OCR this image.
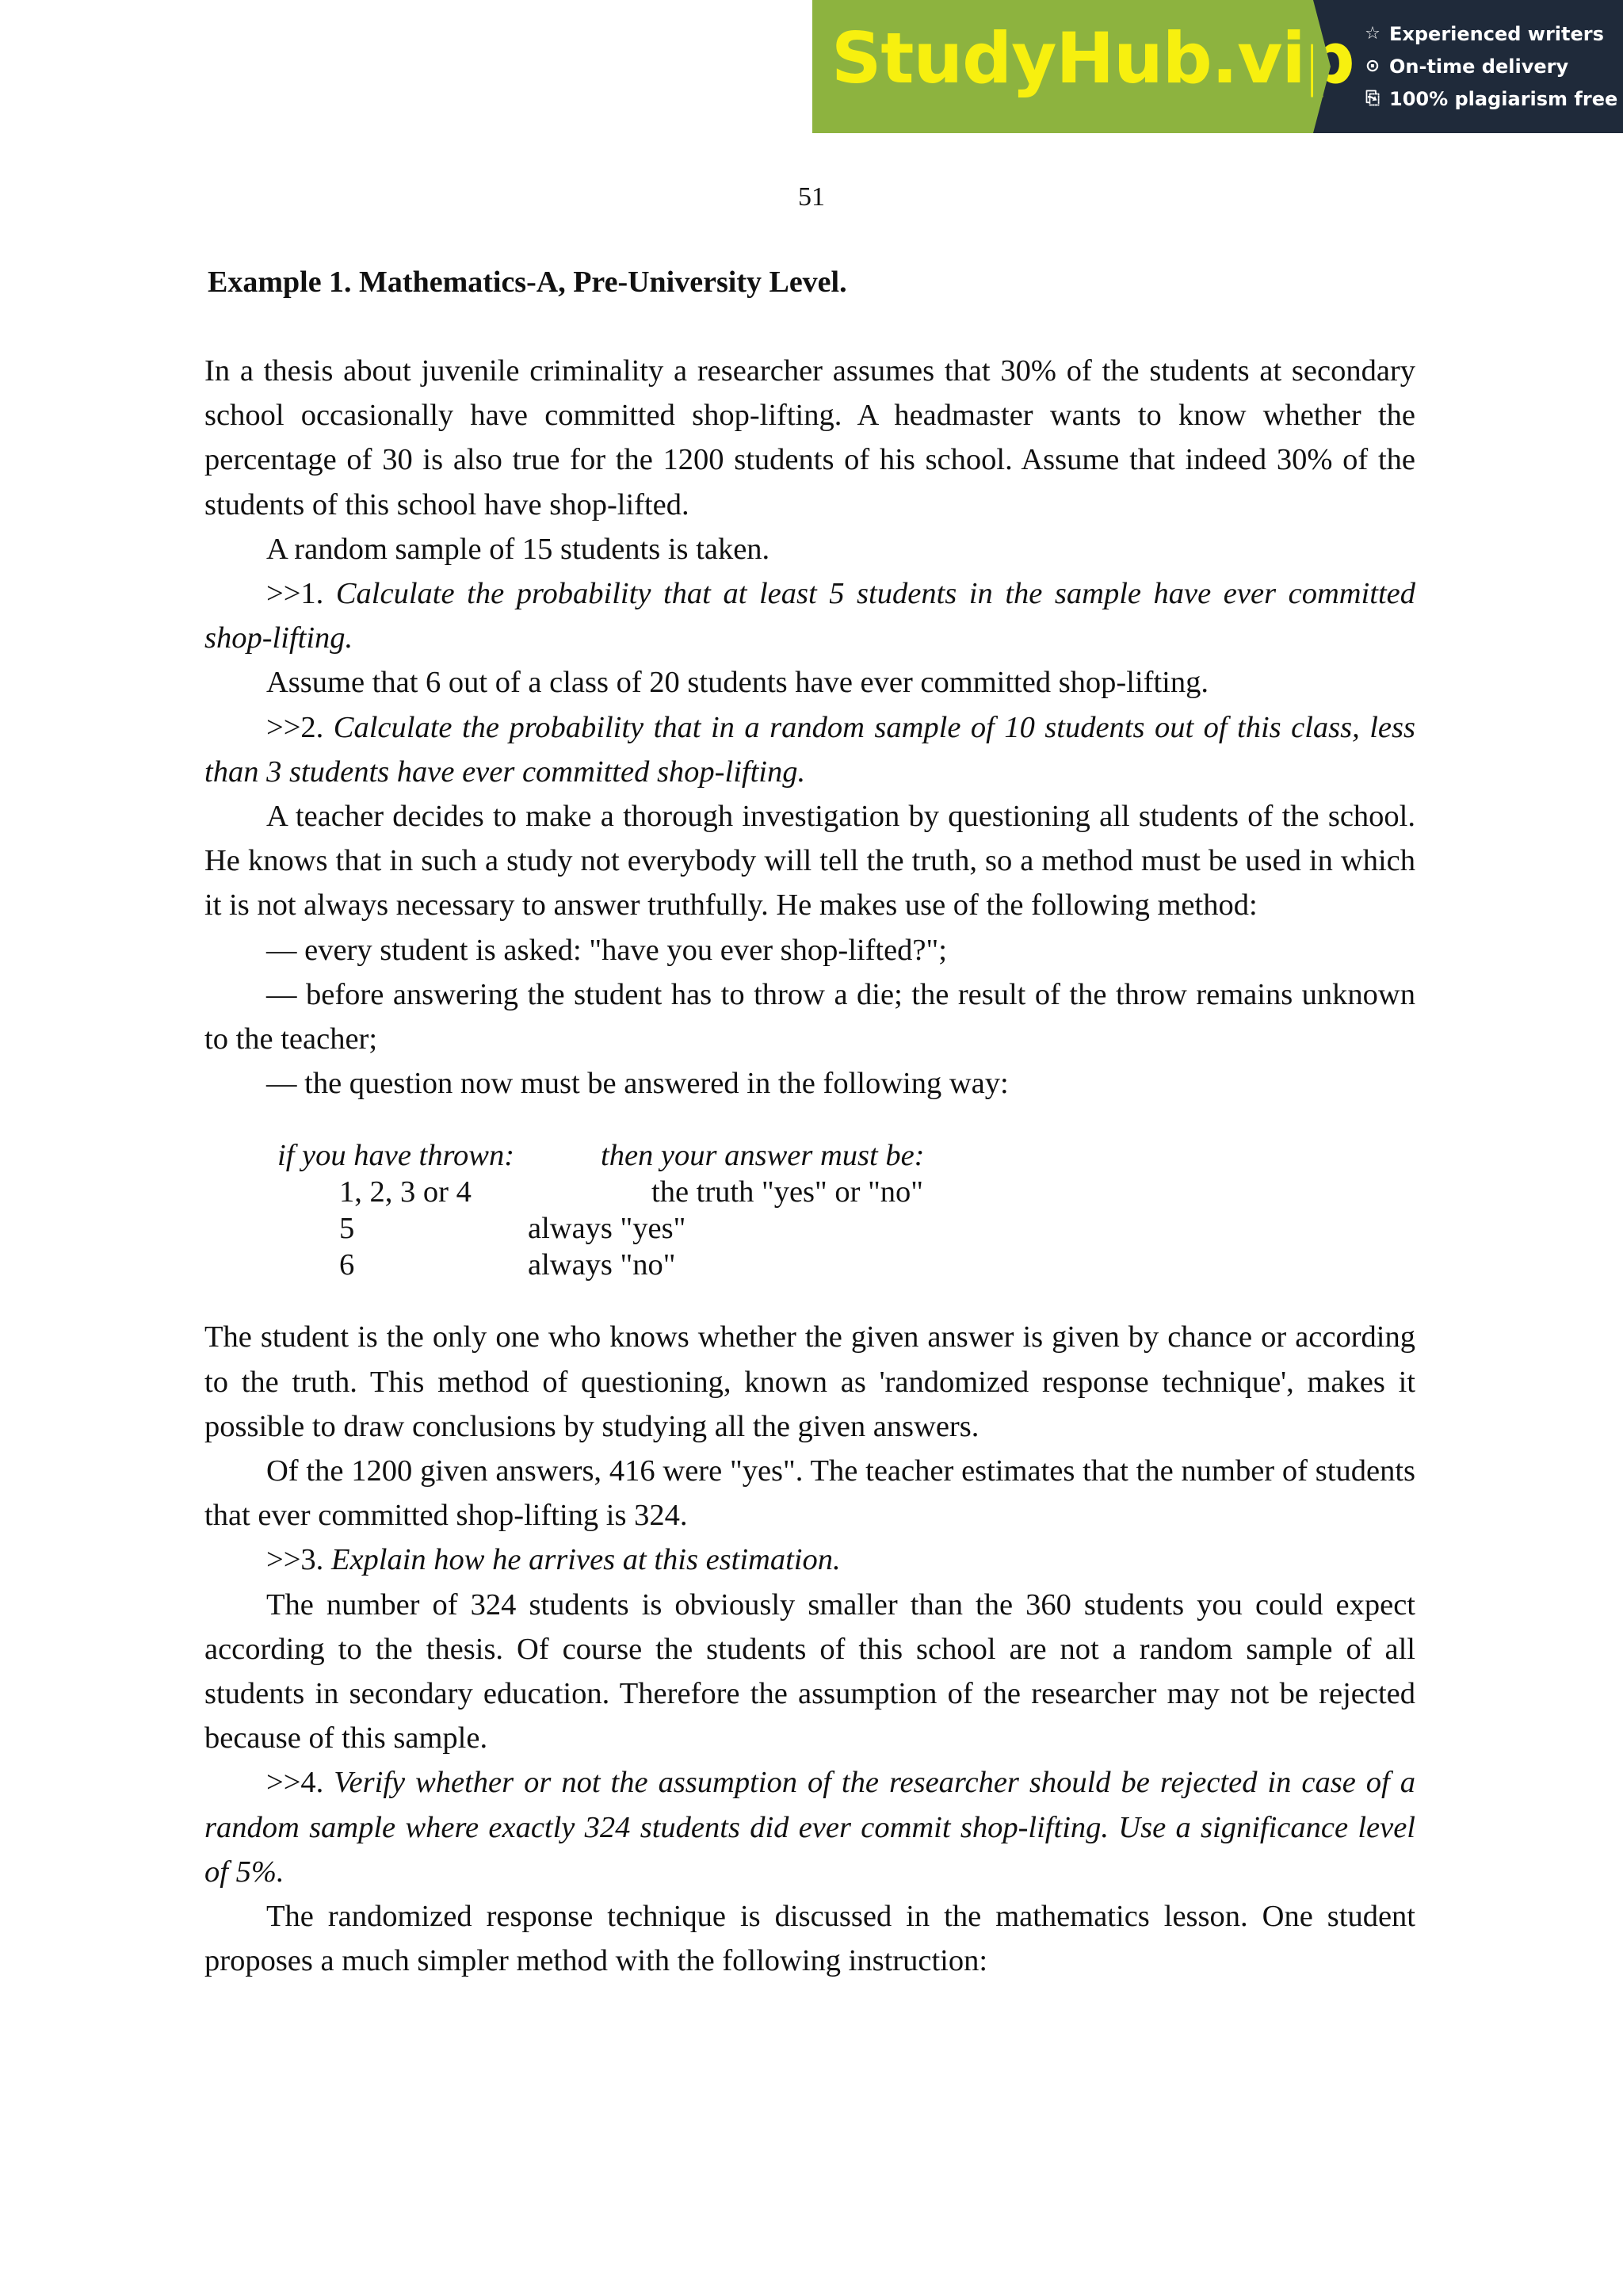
StudyHub.vip ☆ Experienced writers
⊙ On-time delivery
⎘ 100% plagiarism free
51
Example 1. Mathematics-A, Pre-University Level.

In a thesis about juvenile criminality a researcher assumes that 30% of the students at secondary school occasionally have committed shop-lifting. A headmaster wants to know whether the percentage of 30 is also true for the 1200 students of his school. Assume that indeed 30% of the students of this school have shop-lifted.

A random sample of 15 students is taken.

>>1. Calculate the probability that at least 5 students in the sample have ever committed shop-lifting.

Assume that 6 out of a class of 20 students have ever committed shop-lifting.

>>2. Calculate the probability that in a random sample of 10 students out of this class, less than 3 students have ever committed shop-lifting.

A teacher decides to make a thorough investigation by questioning all students of the school. He knows that in such a study not everybody will tell the truth, so a method must be used in which it is not always necessary to answer truthfully. He makes use of the following method:

— every student is asked: "have you ever shop-lifted?";

— before answering the student has to throw a die; the result of the throw remains unknown to the teacher;

— the question now must be answered in the following way:

if you have thrown:	then your answer must be:
1, 2, 3 or 4	the truth "yes" or "no"
5	always "yes"
6	always "no"

The student is the only one who knows whether the given answer is given by chance or according to the truth. This method of questioning, known as 'randomized response technique', makes it possible to draw conclusions by studying all the given answers.

Of the 1200 given answers, 416 were "yes". The teacher estimates that the number of students that ever committed shop-lifting is 324.

>>3. Explain how he arrives at this estimation.

The number of 324 students is obviously smaller than the 360 students you could expect according to the thesis. Of course the students of this school are not a random sample of all students in secondary education. Therefore the assumption of the researcher may not be rejected because of this sample.

>>4. Verify whether or not the assumption of the researcher should be rejected in case of a random sample where exactly 324 students did ever commit shop-lifting. Use a significance level of 5%.

The randomized response technique is discussed in the mathematics lesson. One student proposes a much simpler method with the following instruction:
